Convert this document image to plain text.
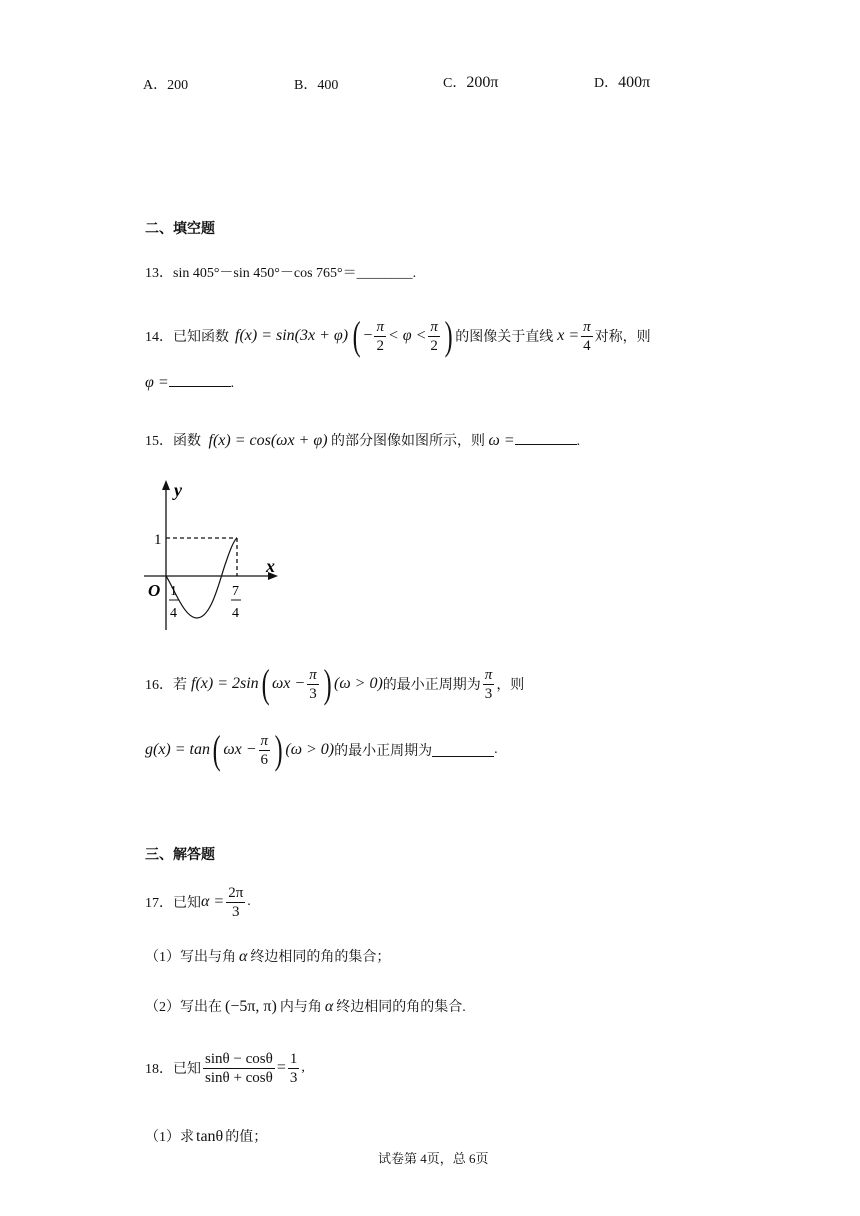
A．200	B．400	C．200π	D．400π
二、填空题
13．sin 405°－sin 450°－cos 765°＝________.
14． 已知函数 f(x) = sin(3x + φ) ( − $\frac{\pi}{2} < \varphi < \frac{\pi}{2}$ ) 的图像关于直线 $x = \frac{\pi}{4}$ 对称，则
φ =	.
15．函数 f(x) = cos(ωx + φ) 的部分图像如图所示，则 ω =	.
y
x
O
1
1
4
7
4
16． 若 f(x) = 2sin ( $\omega x - \frac{\pi}{3}$ ) (ω > 0) 的最小正周期为 $\frac{\pi}{3}$ ，则
g(x) = tan ( $\omega x - \frac{\pi}{6}$ ) (ω > 0) 的最小正周期为	.
三、解答题
17． 已知 $\alpha = \frac{2\pi}{3}$ .
（1）写出与角 α 终边相同的角的集合；
（2）写出在 (−5π, π) 内与角 α 终边相同的角的集合.
18． 已知 $\frac{\sin\theta - \cos\theta}{\sin\theta + \cos\theta} = \frac{1}{3}$ ,
（1）求 tanθ 的值；
试卷第 4页，总 6页
